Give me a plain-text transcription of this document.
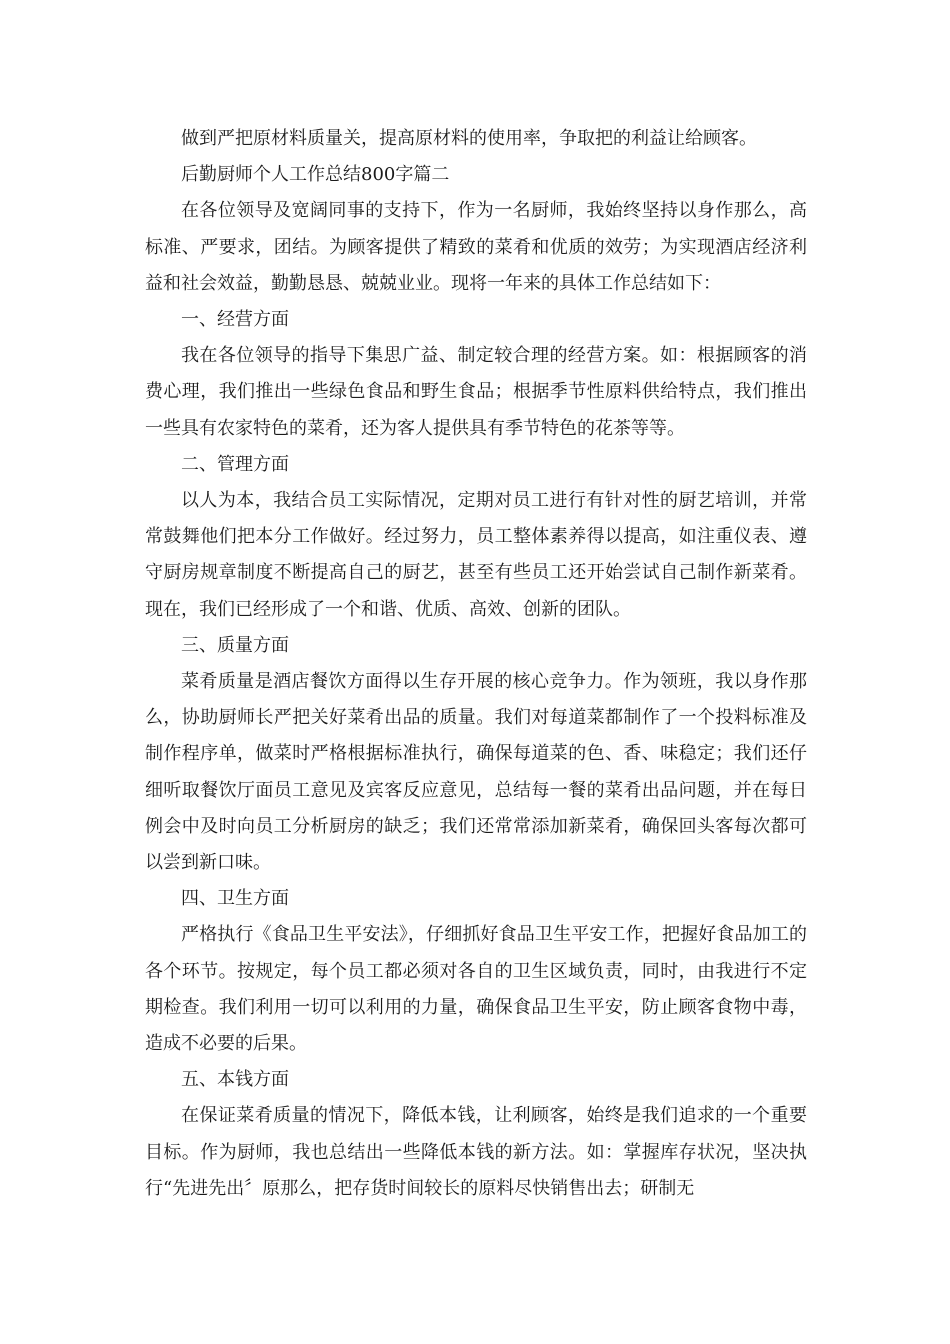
做到严把原材料质量关，提高原材料的使用率，争取把的利益让给顾客。

后勤厨师个人工作总结800字篇二

在各位领导及宽阔同事的支持下，作为一名厨师，我始终坚持以身作那么，高标准、严要求，团结。为顾客提供了精致的菜肴和优质的效劳；为实现酒店经济利益和社会效益，勤勤恳恳、兢兢业业。现将一年来的具体工作总结如下：

一、经营方面

我在各位领导的指导下集思广益、制定较合理的经营方案。如：根据顾客的消费心理，我们推出一些绿色食品和野生食品；根据季节性原料供给特点，我们推出一些具有农家特色的菜肴，还为客人提供具有季节特色的花茶等等。

二、管理方面

以人为本，我结合员工实际情况，定期对员工进行有针对性的厨艺培训，并常常鼓舞他们把本分工作做好。经过努力，员工整体素养得以提高，如注重仪表、遵守厨房规章制度不断提高自己的厨艺，甚至有些员工还开始尝试自己制作新菜肴。现在，我们已经形成了一个和谐、优质、高效、创新的团队。

三、质量方面

菜肴质量是酒店餐饮方面得以生存开展的核心竞争力。作为领班，我以身作那么，协助厨师长严把关好菜肴出品的质量。我们对每道菜都制作了一个投料标准及制作程序单，做菜时严格根据标准执行，确保每道菜的色、香、味稳定；我们还仔细听取餐饮厅面员工意见及宾客反应意见，总结每一餐的菜肴出品问题，并在每日例会中及时向员工分析厨房的缺乏；我们还常常添加新菜肴，确保回头客每次都可以尝到新口味。

四、卫生方面

严格执行《食品卫生平安法》，仔细抓好食品卫生平安工作，把握好食品加工的各个环节。按规定，每个员工都必须对各自的卫生区域负责，同时，由我进行不定期检查。我们利用一切可以利用的力量，确保食品卫生平安，防止顾客食物中毒，造成不必要的后果。

五、本钱方面

在保证菜肴质量的情况下，降低本钱，让利顾客，始终是我们追求的一个重要目标。作为厨师，我也总结出一些降低本钱的新方法。如：掌握库存状况，坚决执行“先进先出〞原那么，把存货时间较长的原料尽快销售出去；研制无
